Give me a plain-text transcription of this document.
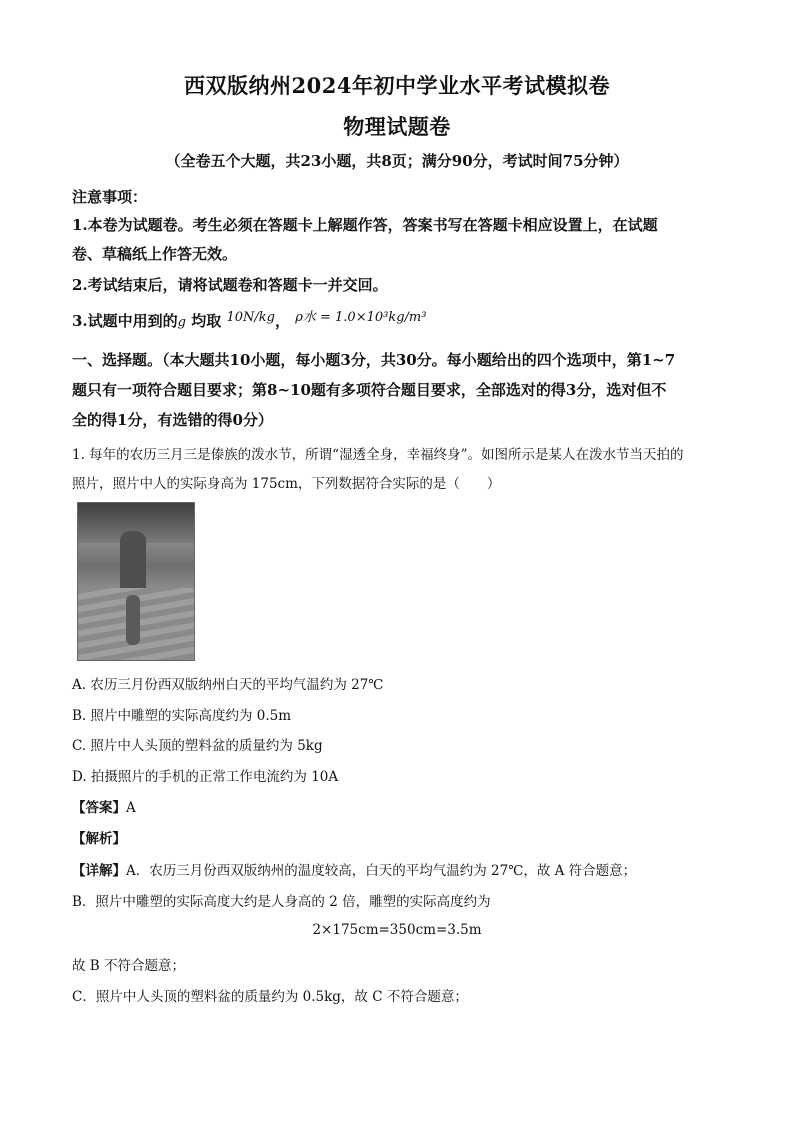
西双版纳州2024年初中学业水平考试模拟卷
物理试题卷
（全卷五个大题，共23小题，共8页；满分90分，考试时间75分钟）
注意事项：
1.本卷为试题卷。考生必须在答题卡上解题作答，答案书写在答题卡相应设置上，在试题
卷、草稿纸上作答无效。
2.考试结束后，请将试题卷和答题卡一并交回。
3.试题中用到的g 均取 10N/kg， ρ水 = 1.0×10³kg/m³
一、选择题。（本大题共10小题，每小题3分，共30分。每小题给出的四个选项中，第1~7
题只有一项符合题目要求；第8~10题有多项符合题目要求，全部选对的得3分，选对但不
全的得1分，有选错的得0分）
1. 每年的农历三月三是傣族的泼水节，所谓“湿透全身，幸福终身”。如图所示是某人在泼水节当天拍的
照片，照片中人的实际身高为 175cm，下列数据符合实际的是（　　）
A. 农历三月份西双版纳州白天的平均气温约为 27℃
B. 照片中雕塑的实际高度约为 0.5m
C. 照片中人头顶的塑料盆的质量约为 5kg
D. 拍摄照片的手机的正常工作电流约为 10A
【答案】A
【解析】
【详解】A．农历三月份西双版纳州的温度较高，白天的平均气温约为 27℃，故 A 符合题意；
B．照片中雕塑的实际高度大约是人身高的 2 倍，雕塑的实际高度约为
2×175cm=350cm=3.5m
故 B 不符合题意；
C．照片中人头顶的塑料盆的质量约为 0.5kg，故 C 不符合题意；
